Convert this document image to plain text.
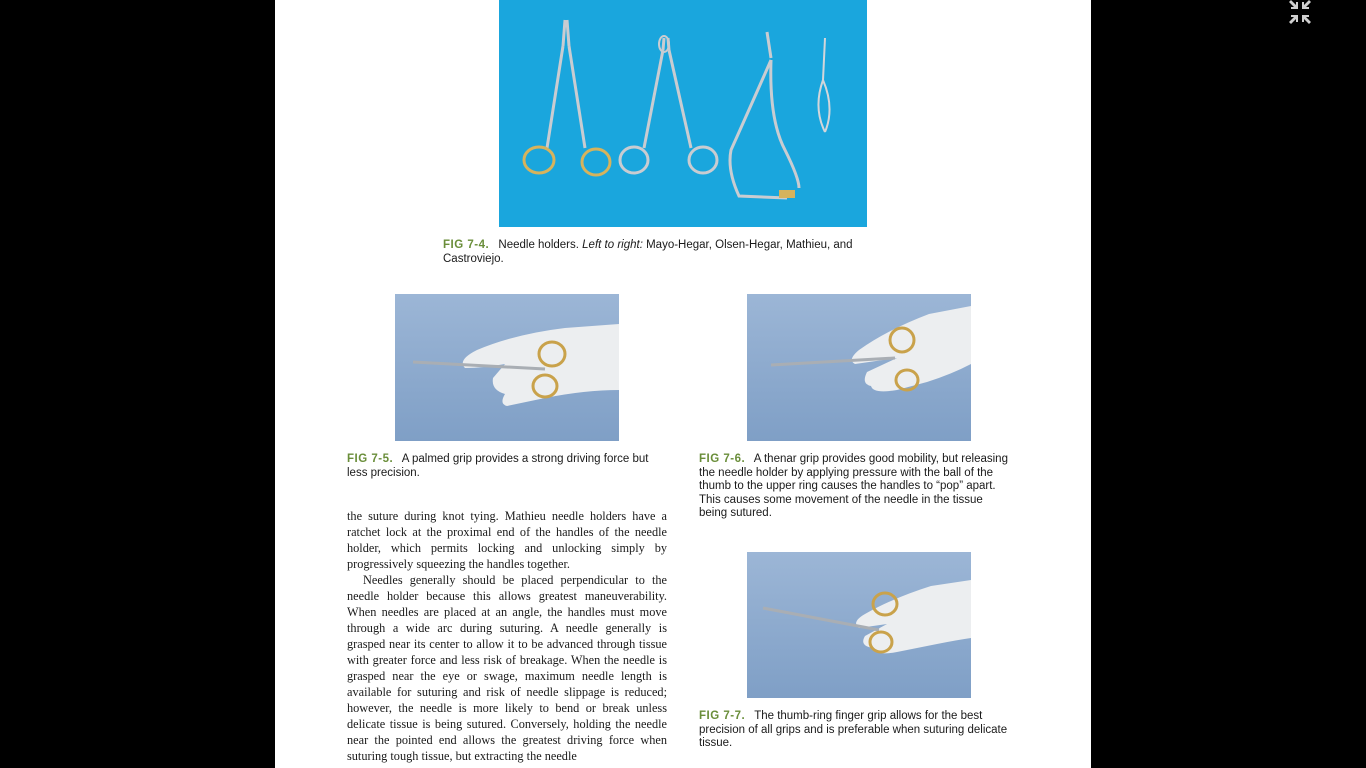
FIG 7-4. Needle holders. Left to right: Mayo-Hegar, Olsen-Hegar, Mathieu, and Castroviejo.
FIG 7-5. A palmed grip provides a strong driving force but less precision.
FIG 7-6. A thenar grip provides good mobility, but releasing the needle holder by applying pressure with the ball of the thumb to the upper ring causes the handles to “pop” apart. This causes some movement of the needle in the tissue being sutured.

the suture during knot tying. Mathieu needle holders have a ratchet lock at the proximal end of the handles of the needle holder, which permits locking and unlocking simply by progressively squeezing the handles together.

Needles generally should be placed perpendicular to the needle holder because this allows greatest maneuverability. When needles are placed at an angle, the handles must move through a wide arc during suturing. A needle generally is grasped near its center to allow it to be advanced through tissue with greater force and less risk of breakage. When the needle is grasped near the eye or swage, maximum needle length is available for suturing and risk of needle slippage is reduced; however, the needle is more likely to bend or break unless delicate tissue is being sutured. Conversely, holding the needle near the pointed end allows the greatest driving force when suturing tough tissue, but extracting the needle

FIG 7-7. The thumb-ring finger grip allows for the best precision of all grips and is preferable when suturing delicate tissue.
